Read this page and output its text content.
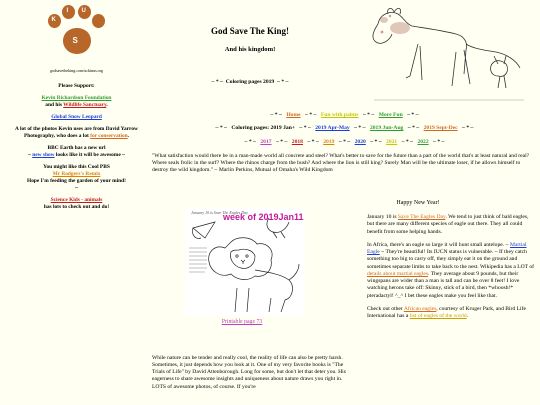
K
I U
S
godsavetheking.com/uckinus.org
Please Support:
Kevin Richardson Foundation
and his Wildlife Sanctuary.
Global Snow Leopard
A lot of the photos Kevin uses are from David Yarrow Photography, who does a lot for conservation.
BBC Earth has a new url
~ new show looks like it will be awesome ~
You might like this Cool PBS
Mr Rodgers's Remix
Hope I'm feeding the garden of your mind!
~
Science Kids - animals
has lots to check out and do!
God Save The King!
And his kingdom!
~ * ~ Coloring pages 2019 ~ * ~
~ * ~ Home ~ * ~ Fun with paints ~ * ~ More Fun ~ * ~
~ * ~ Coloring pages: 2019 Jan+ ~ * ~ 2019 Apr-May ~ * ~ 2019 Jun-Aug ~ * ~ 2019 Sept-Dec ~ * ~
~ * ~ 2017 ~ * ~ 2018 ~ * ~ 2019 ~ * ~ 2020 ~ * ~ 2021 ~ * ~ 2022 ~ * ~
"What satisfaction would there be in a man-made world all concrete and steel? What's better to save for the future than a part of the world that's at least natural and real? Where seals frolic in the surf? Where the rhinos charge from the bush? And where the lion is still king? Surely Man will be the ultimate loser, if he allows himself to destroy the wild kingdom." ~ Marlin Perkins, Mutual of Omaha's Wild Kingdom
January 10 is Save The Eagles Day
week of 2019Jan11
Printable page 73
Happy New Year!

January 10 is Save The Eagles Day. We tend to just think of bald eagles, but there are many different species of eagle out there. They all could benefit from some helping hands.

In Africa, there's an eagle so large it will hunt small antelope. ~ Martial Eagle ~ They're beautiful! Its IUCN status is vulnerable. ~ If they catch something too big to carry off, they simply eat it on the ground and sometimes separate limbs to take back to the nest. Wikipedia has a LOT of details about martial eagles. They average about 9 pounds, but their wingspans are wider than a man is tall and can be over 8 feet! I love watching herons take off: Skinny, stick of a bird, then *whoosh!* pteradactyl! ^_^ I bet these eagles make you feel like that.

Check out other African eagles, courtesy of Kruger Park, and Bird Life International has a list of eagles of the world.

While nature can be tender and really cool, the reality of life can also be pretty harsh. Sometimes, it just depends how you look at it. One of my very favorite books is "The Trials of Life" by David Attenborough. Long for some, but don't let that deter you. His eagerness to share awesome insights and uniqueness about nature draws you right in. LOTS of awesome photos, of course. If you're
